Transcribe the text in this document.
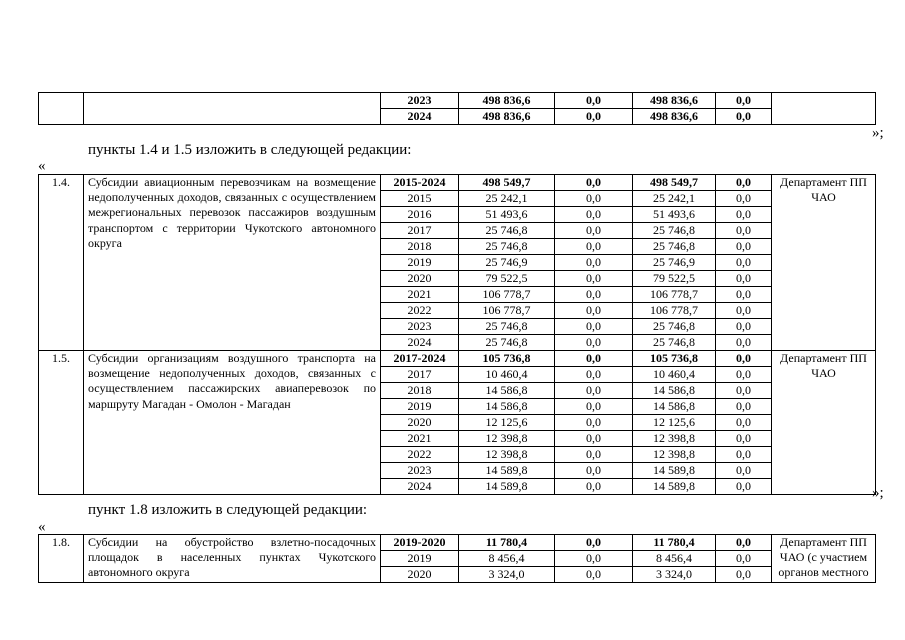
		2023	498 836,6	0,0	498 836,6	0,0	
		2024	498 836,6	0,0	498 836,6	0,0	
»;
пункты 1.4 и 1.5 изложить в следующей редакции:
«
1.4.	Субсидии авиационным перевозчикам на возмещение недополученных доходов, связанных с осуществлением межрегиональных перевозок пассажиров воздушным транспортом с территории Чукотского автономного округа	2015-2024	498 549,7	0,0	498 549,7	0,0	Департамент ПП ЧАО
		2015	25 242,1	0,0	25 242,1	0,0	
		2016	51 493,6	0,0	51 493,6	0,0	
		2017	25 746,8	0,0	25 746,8	0,0	
		2018	25 746,8	0,0	25 746,8	0,0	
		2019	25 746,9	0,0	25 746,9	0,0	
		2020	79 522,5	0,0	79 522,5	0,0	
		2021	106 778,7	0,0	106 778,7	0,0	
		2022	106 778,7	0,0	106 778,7	0,0	
		2023	25 746,8	0,0	25 746,8	0,0	
		2024	25 746,8	0,0	25 746,8	0,0	
1.5.	Субсидии организациям воздушного транспорта на возмещение недополученных доходов, связанных с осуществлением пассажирских авиаперевозок по маршруту Магадан - Омолон - Магадан	2017-2024	105 736,8	0,0	105 736,8	0,0	Департамент ПП ЧАО
		2017	10 460,4	0,0	10 460,4	0,0	
		2018	14 586,8	0,0	14 586,8	0,0	
		2019	14 586,8	0,0	14 586,8	0,0	
		2020	12 125,6	0,0	12 125,6	0,0	
		2021	12 398,8	0,0	12 398,8	0,0	
		2022	12 398,8	0,0	12 398,8	0,0	
		2023	14 589,8	0,0	14 589,8	0,0	
		2024	14 589,8	0,0	14 589,8	0,0		»;
пункт 1.8 изложить в следующей редакции:
«
1.8.	Субсидии на обустройство взлетно-посадочных площадок в населенных пунктах Чукотского автономного округа	2019-2020	11 780,4	0,0	11 780,4	0,0	Департамент ПП ЧАО (с участием органов местного
		2019	8 456,4	0,0	8 456,4	0,0	
		2020	3 324,0	0,0	3 324,0	0,0	
